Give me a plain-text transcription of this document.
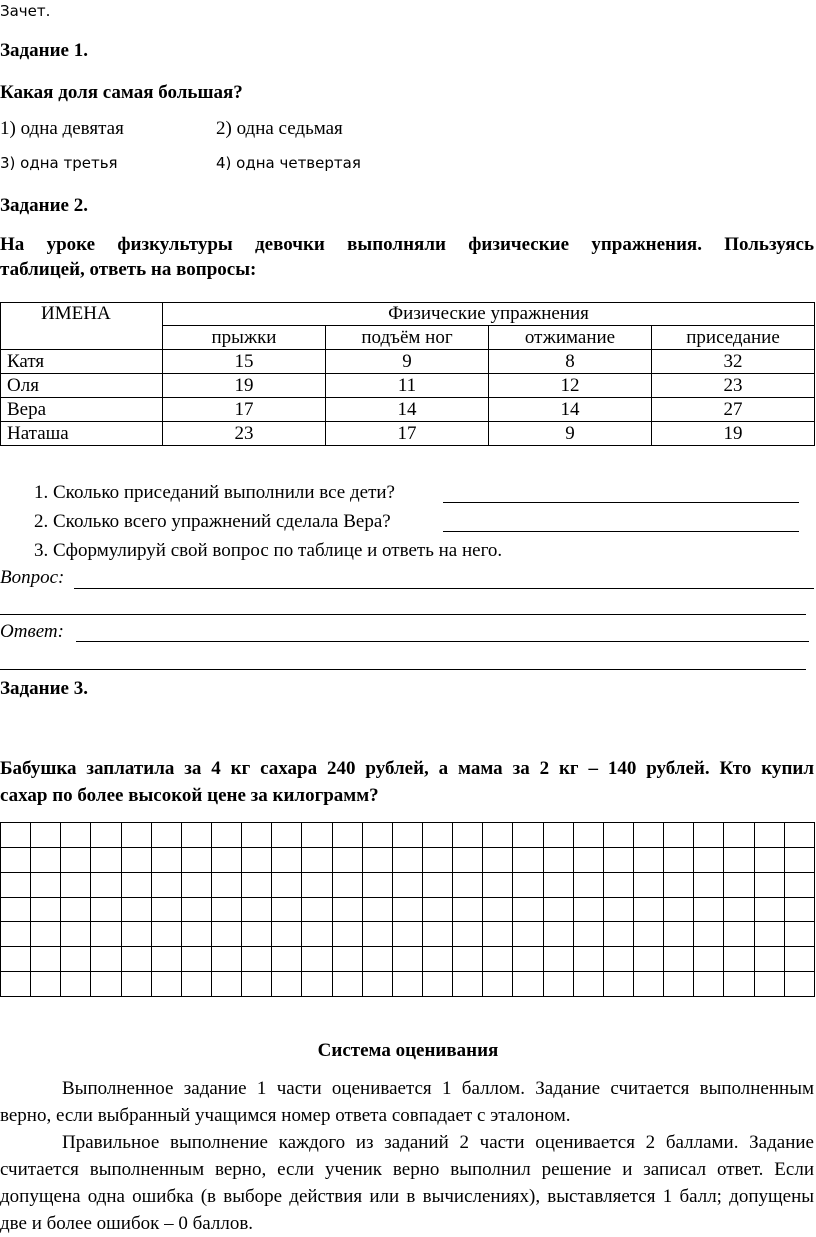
Зачет.
Задание 1.
Какая доля самая большая?
1) одна девятая	2) одна седьмая
3) одна третья	4) одна четвертая
Задание 2.
На уроке физкультуры девочки выполняли физические упражнения. Пользуясь
таблицей, ответь на вопросы:
ИМЕНА	Физические упражнения			
	прыжки	подъём ног	отжимание	приседание
Катя	15	9	8	32
Оля	19	11	12	23
Вера	17	14	14	27
Наташа	23	17	9	19
1. Сколько приседаний выполнили все дети?
2. Сколько всего упражнений сделала Вера?
3. Сформулируй свой вопрос по таблице и ответь на него.
Вопрос:
Ответ:
Задание 3.
Бабушка заплатила за 4 кг сахара 240 рублей, а мама за 2 кг – 140 рублей. Кто купил
сахар по более высокой цене за килограмм?

Система оценивания
Выполненное задание 1 части оценивается 1 баллом. Задание считается выполненным верно, если выбранный учащимся номер ответа совпадает с эталоном.
Правильное выполнение каждого из заданий 2 части оценивается 2 баллами. Задание считается выполненным верно, если ученик верно выполнил решение и записал ответ. Если допущена одна ошибка (в выборе действия или в вычислениях), выставляется 1 балл; допущены две и более ошибок – 0 баллов.
